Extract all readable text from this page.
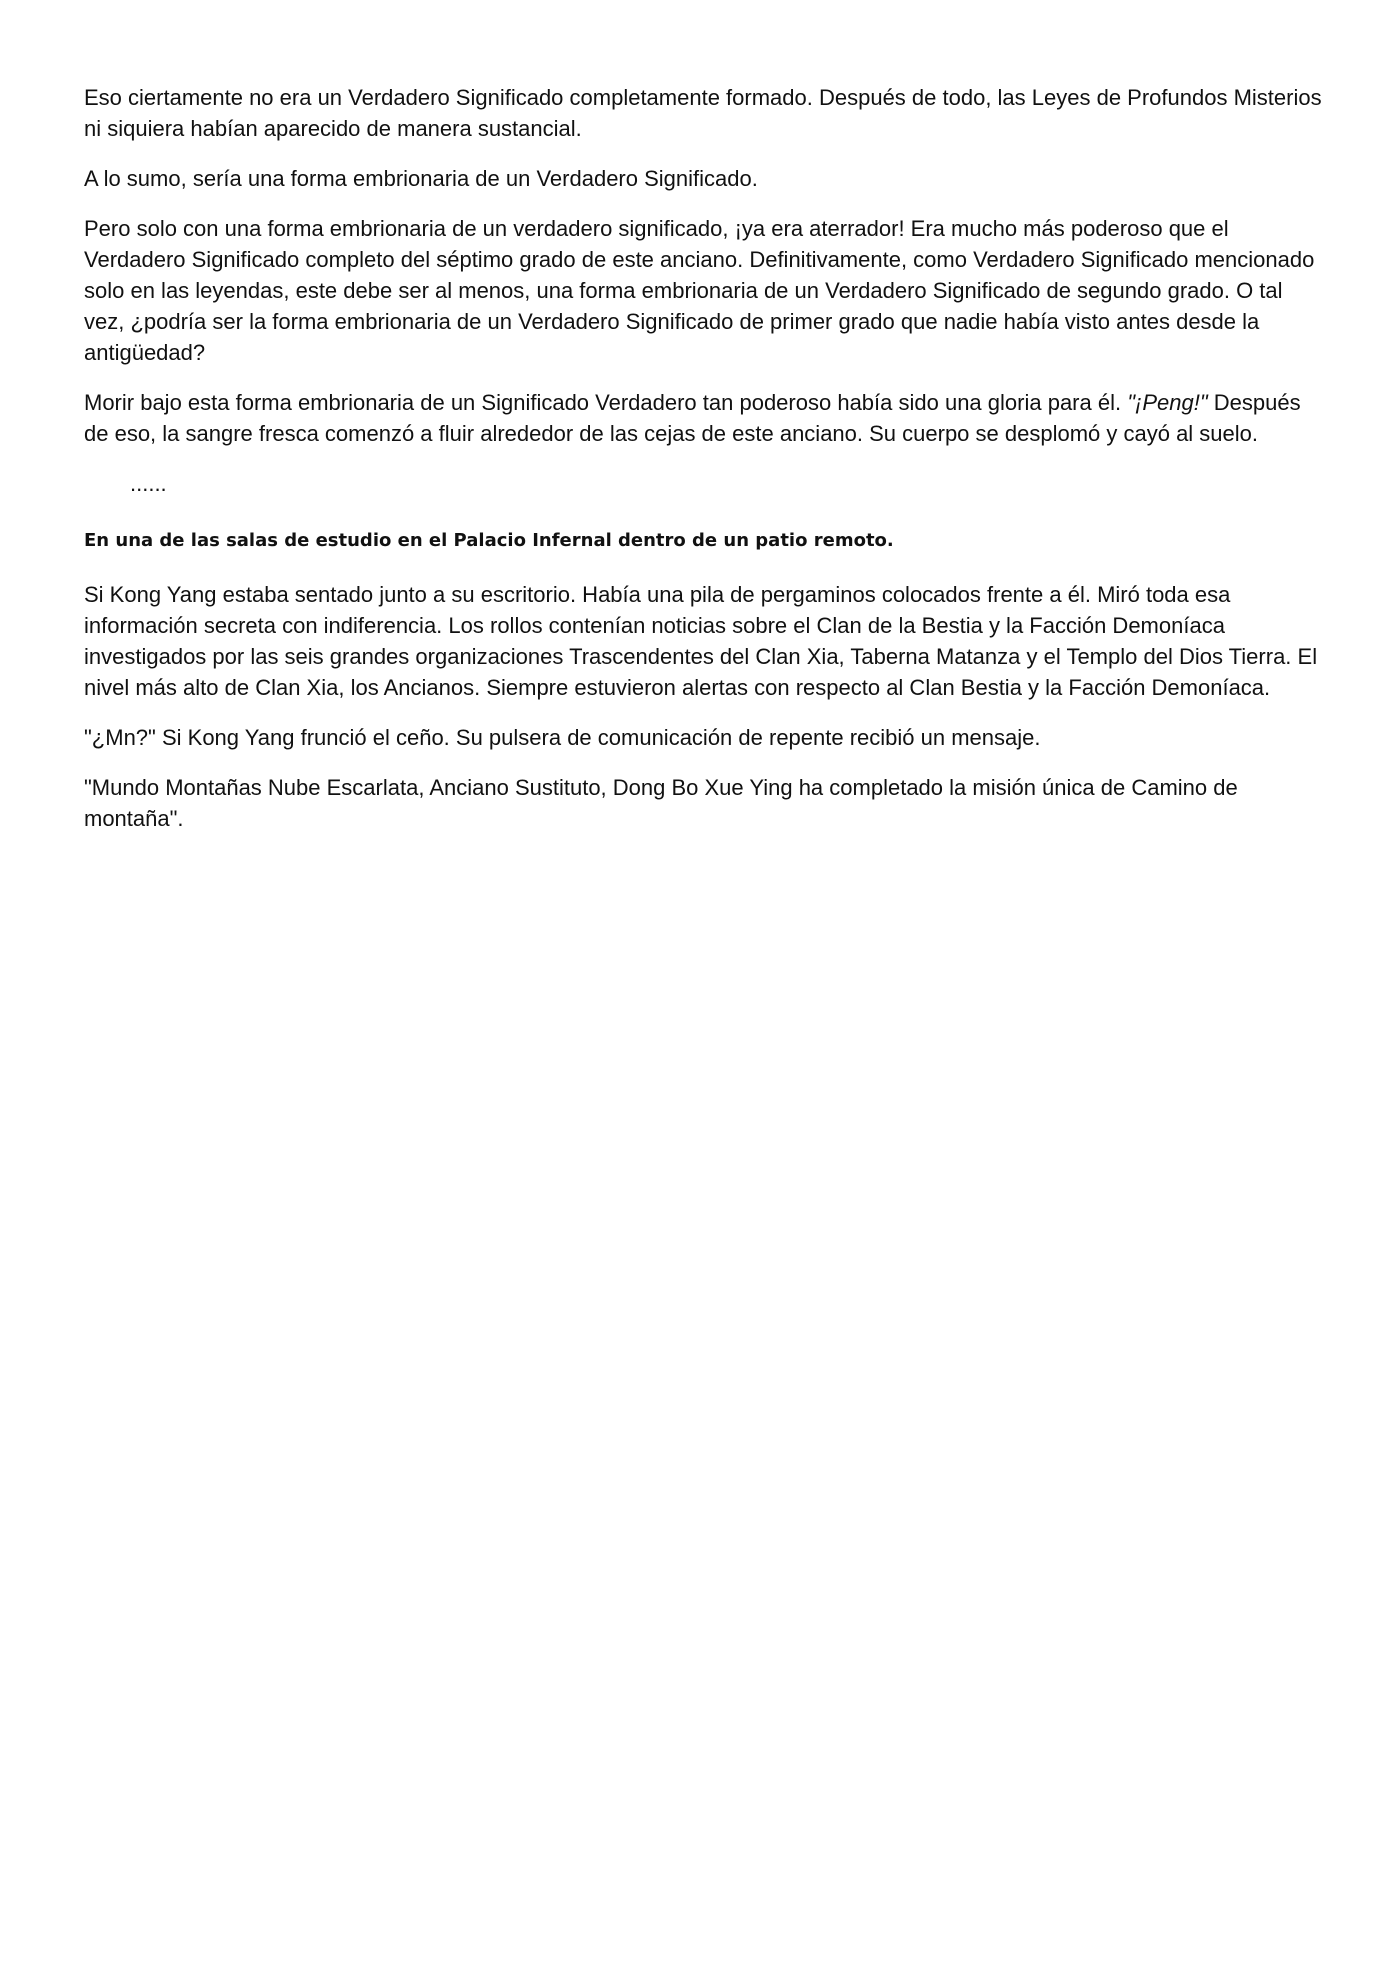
Eso ciertamente no era un Verdadero Significado completamente formado. Después de todo, las Leyes de Profundos Misterios ni siquiera habían aparecido de manera sustancial.

A lo sumo, sería una forma embrionaria de un Verdadero Significado.

Pero solo con una forma embrionaria de un verdadero significado, ¡ya era aterrador! Era mucho más poderoso que el Verdadero Significado completo del séptimo grado de este anciano. Definitivamente, como Verdadero Significado mencionado solo en las leyendas, este debe ser al menos, una forma embrionaria de un Verdadero Significado de segundo grado. O tal vez, ¿podría ser la forma embrionaria de un Verdadero Significado de primer grado que nadie había visto antes desde la antigüedad?

Morir bajo esta forma embrionaria de un Significado Verdadero tan poderoso había sido una gloria para él. "¡Peng!" Después de eso, la sangre fresca comenzó a fluir alrededor de las cejas de este anciano. Su cuerpo se desplomó y cayó al suelo.

......

En una de las salas de estudio en el Palacio Infernal dentro de un patio remoto.

Si Kong Yang estaba sentado junto a su escritorio. Había una pila de pergaminos colocados frente a él. Miró toda esa información secreta con indiferencia. Los rollos contenían noticias sobre el Clan de la Bestia y la Facción Demoníaca investigados por las seis grandes organizaciones Trascendentes del Clan Xia, Taberna Matanza y el Templo del Dios Tierra. El nivel más alto de Clan Xia, los Ancianos. Siempre estuvieron alertas con respecto al Clan Bestia y la Facción Demoníaca.

"¿Mn?" Si Kong Yang frunció el ceño. Su pulsera de comunicación de repente recibió un mensaje.

"Mundo Montañas Nube Escarlata, Anciano Sustituto, Dong Bo Xue Ying ha completado la misión única de Camino de montaña".
